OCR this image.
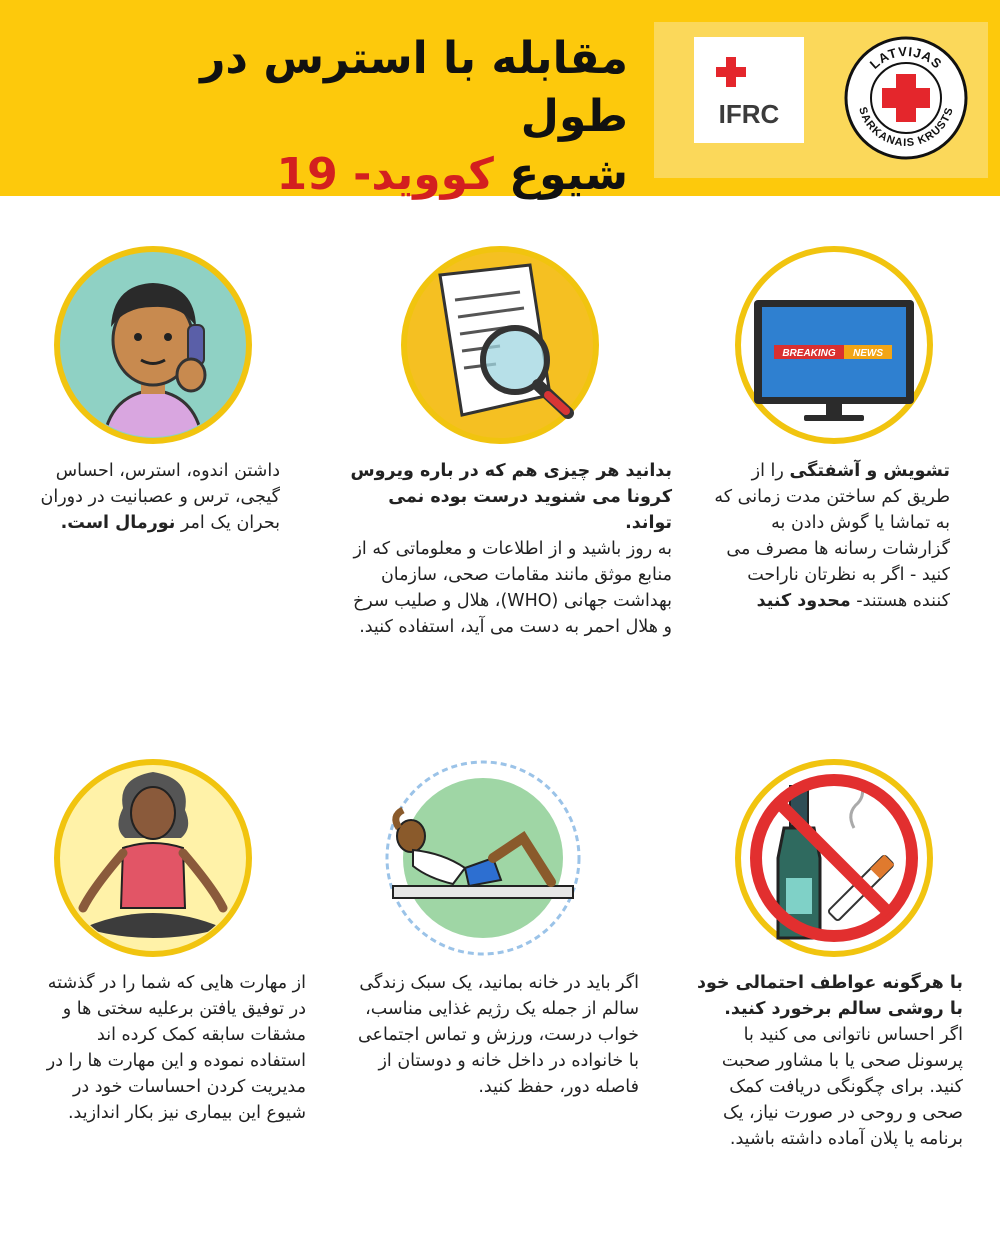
مقابله با استرس در طول
شیوع کووید- 19
IFRC
LATVIJAS
SARKANAIS KRUSTS
BREAKING NEWS
تشویش و آشفتگی را از طریق کم ساختن مدت زمانی که به تماشا یا گوش دادن به گزارشات رسانه ها مصرف می کنید - اگر به نظرتان ناراحت کننده هستند- محدود کنید
بدانید هر چیزی هم که در باره ویروس کرونا می شنوید درست بوده نمی تواند.
به روز باشید و از اطلاعات و معلوماتی که از منابع موثق مانند مقامات صحی، سازمان بهداشت جهانی (WHO)، هلال و صلیب سرخ و هلال احمر به دست می آید، استفاده کنید.
داشتن اندوه، استرس، احساس گیجی، ترس و عصبانیت در دوران بحران یک امر نورمال است.
با هرگونه عواطف احتمالی خود با روشی سالم برخورد کنید.
اگر احساس ناتوانی می کنید با پرسونل صحی یا با مشاور صحبت کنید. برای چگونگی دریافت کمک صحی و روحی در صورت نیاز، یک برنامه یا پلان آماده داشته باشید.
اگر باید در خانه بمانید، یک سبک زندگی سالم از جمله یک رژیم غذایی مناسب، خواب درست، ورزش و تماس اجتماعی با خانواده در داخل خانه و دوستان از فاصله دور، حفظ کنید.
از مهارت هایی که شما را در گذشته در توفیق یافتن برعلیه سختی ها و مشقات سابقه کمک کرده اند استفاده نموده و این مهارت ها را در مدیریت کردن احساسات خود در شیوع این بیماری نیز بکار اندازید.
